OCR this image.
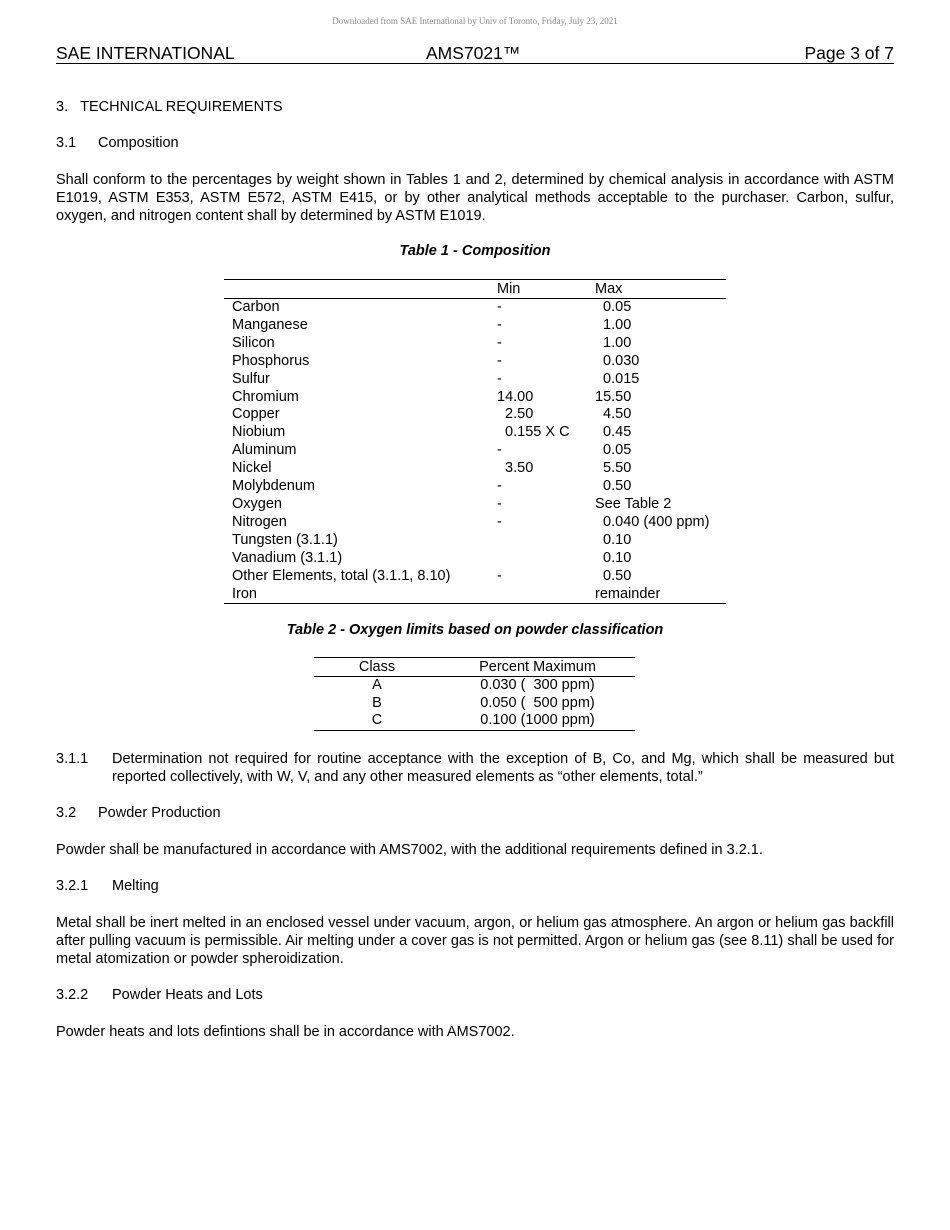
Downloaded from SAE International by Univ of Toronto, Friday, July 23, 2021
SAE INTERNATIONAL	AMS7021™	Page 3 of 7
3. TECHNICAL REQUIREMENTS
3.1 Composition
Shall conform to the percentages by weight shown in Tables 1 and 2, determined by chemical analysis in accordance with ASTM E1019, ASTM E353, ASTM E572, ASTM E415, or by other analytical methods acceptable to the purchaser. Carbon, sulfur, oxygen, and nitrogen content shall by determined by ASTM E1019.
Table 1 - Composition
	Min	Max
Carbon	-	0.05
Manganese	-	1.00
Silicon	-	1.00
Phosphorus	-	0.030
Sulfur	-	0.015
Chromium	14.00	15.50
Copper	2.50	4.50
Niobium	0.155 X C	0.45
Aluminum	-	0.05
Nickel	3.50	5.50
Molybdenum	-	0.50
Oxygen	-	See Table 2
Nitrogen	-	0.040 (400 ppm)
Tungsten (3.1.1)		0.10
Vanadium (3.1.1)		0.10
Other Elements, total (3.1.1, 8.10)	-	0.50
Iron		remainder
Table 2 - Oxygen limits based on powder classification
Class	Percent Maximum
A	0.030 (  300 ppm)
B	0.050 (  500 ppm)
C	0.100 (1000 ppm)
3.1.1 Determination not required for routine acceptance with the exception of B, Co, and Mg, which shall be measured but reported collectively, with W, V, and any other measured elements as “other elements, total.”
3.2 Powder Production
Powder shall be manufactured in accordance with AMS7002, with the additional requirements defined in 3.2.1.
3.2.1 Melting
Metal shall be inert melted in an enclosed vessel under vacuum, argon, or helium gas atmosphere. An argon or helium gas backfill after pulling vacuum is permissible. Air melting under a cover gas is not permitted. Argon or helium gas (see 8.11) shall be used for metal atomization or powder spheroidization.
3.2.2 Powder Heats and Lots
Powder heats and lots defintions shall be in accordance with AMS7002.
